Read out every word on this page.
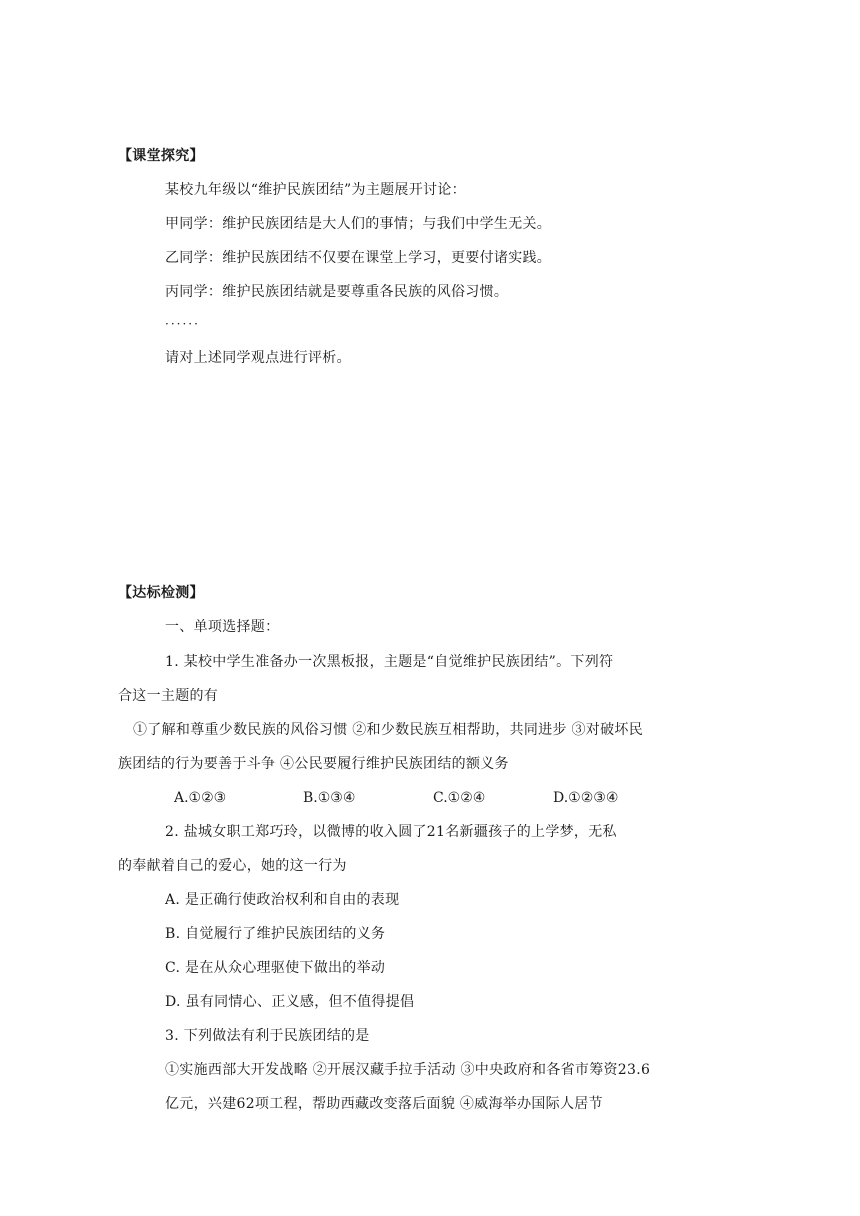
【课堂探究】
某校九年级以“维护民族团结”为主题展开讨论：
甲同学：维护民族团结是大人们的事情；与我们中学生无关。
乙同学：维护民族团结不仅要在课堂上学习，更要付诸实践。
丙同学：维护民族团结就是要尊重各民族的风俗习惯。
······
请对上述同学观点进行评析。
【达标检测】
一、单项选择题：
1. 某校中学生准备办一次黑板报，主题是“自觉维护民族团结”。下列符
合这一主题的有
①了解和尊重少数民族的风俗习惯 ②和少数民族互相帮助，共同进步 ③对破坏民
族团结的行为要善于斗争 ④公民要履行维护民族团结的额义务
A.①②③	B.①③④	C.①②④	D.①②③④
2. 盐城女职工郑巧玲，以微博的收入圆了21名新疆孩子的上学梦，无私
的奉献着自己的爱心，她的这一行为
A. 是正确行使政治权利和自由的表现
B. 自觉履行了维护民族团结的义务
C. 是在从众心理驱使下做出的举动
D. 虽有同情心、正义感，但不值得提倡
3. 下列做法有利于民族团结的是
①实施西部大开发战略 ②开展汉藏手拉手活动 ③中央政府和各省市筹资23.6
亿元，兴建62项工程，帮助西藏改变落后面貌 ④威海举办国际人居节
